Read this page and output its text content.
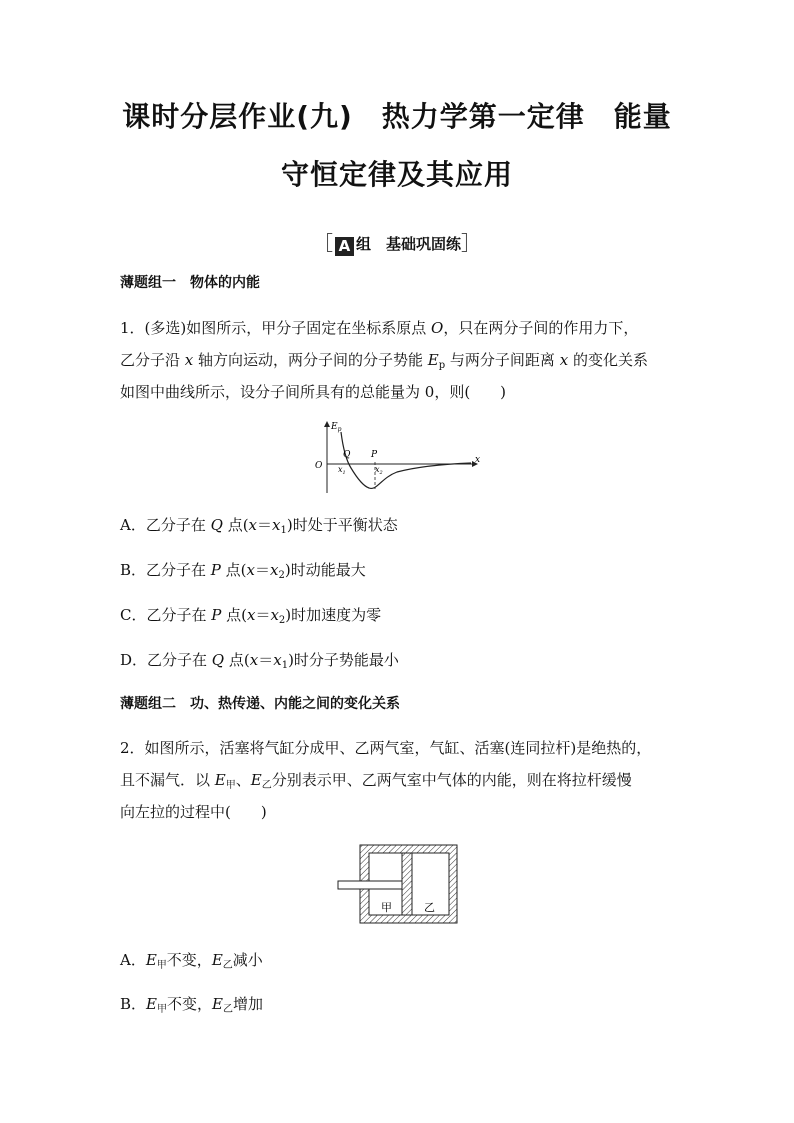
课时分层作业(九)　热力学第一定律　能量
守恒定律及其应用
［ A 组　基础巩固练］
薄题组一　物体的内能
1．(多选)如图所示，甲分子固定在坐标系原点 O，只在两分子间的作用力下，
乙分子沿 x 轴方向运动，两分子间的分子势能 $E_p$ 与两分子间距离 x 的变化关系
如图中曲线所示，设分子间所具有的总能量为 0，则(　　)
$E_p$
O
x
Q P
$x_1$	$x_2$
A．乙分子在 Q 点$(x=x_1)$时处于平衡状态
B．乙分子在 P 点$(x=x_2)$时动能最大
C．乙分子在 P 点$(x=x_2)$时加速度为零
D．乙分子在 Q 点$(x=x_1)$时分子势能最小
薄题组二　功、热传递、内能之间的变化关系
2．如图所示，活塞将气缸分成甲、乙两气室，气缸、活塞(连同拉杆)是绝热的，
且不漏气．以 $E_甲$、$E_乙$分别表示甲、乙两气室中气体的内能，则在将拉杆缓慢
向左拉的过程中(　　)
甲	乙
A．$E_甲$不变，$E_乙$减小
B．$E_甲$不变，$E_乙$增加
